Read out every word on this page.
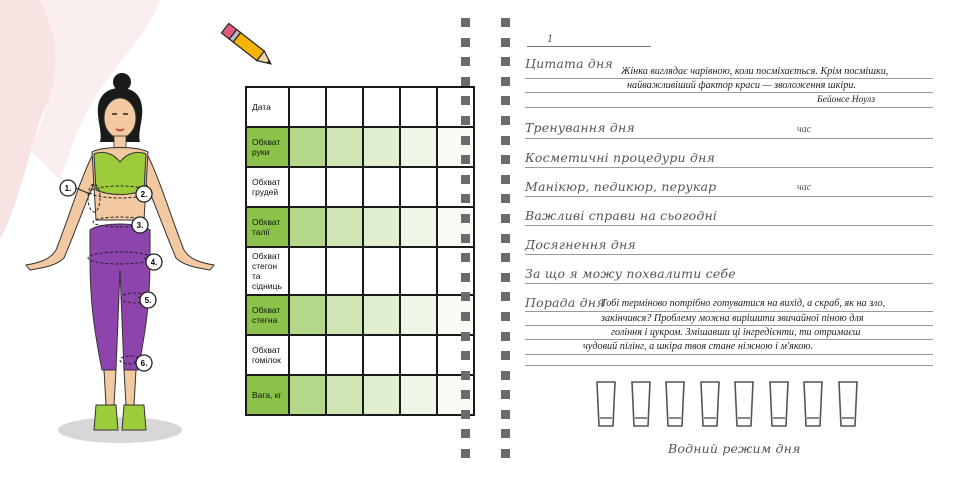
1.
2.
3.
4.
5.
6.
Дата					
Обхват руки					
Обхват грудей					
Обхват талії					
Обхват стегон та сідниць					
Обхват стегна					
Обхват гомілок					
Вага, кг					
1
Цитата дня
Жінка виглядає чарівною, коли посміхається. Крім посмішки,
найважливіший фактор краси — зволоження шкіри.
Бейонсе Ноулз
Тренування дня	час
Косметичні процедури дня
Манікюр, педикюр, перукар	час
Важливі справи на сьогодні
Досягнення дня
За що я можу похвалити себе
Порада дня
Тобі терміново потрібно готуватися на вихід, а скраб, як на зло,
закінчився? Проблему можна вирішити звичайної піною для
гоління і цукром. Змішавши ці інгредієнти, ти отримаєш
чудовий пілінг, а шкіра твоя стане ніжною і м'якою.
Водний режим дня
